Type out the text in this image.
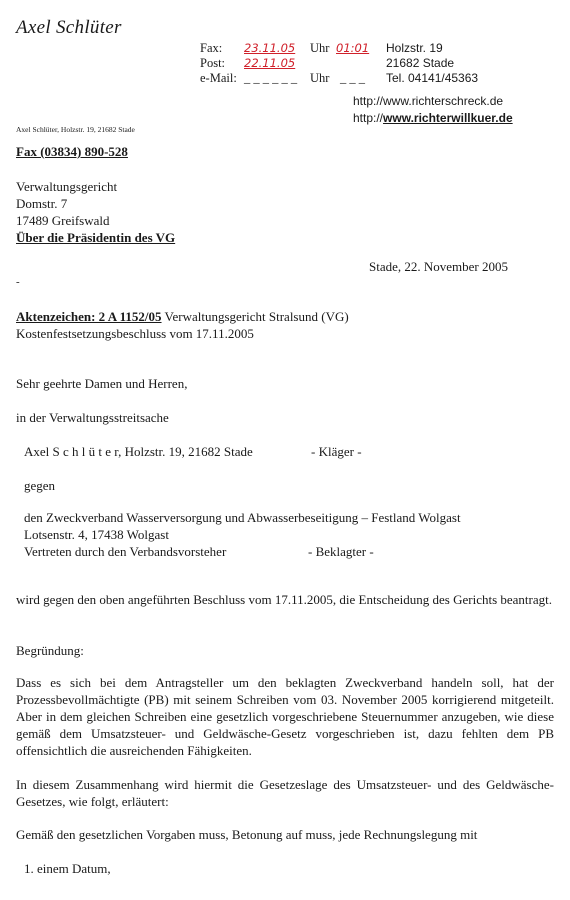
Axel Schlüter
Fax: 23.11.05 Uhr 01:01 Holzstr. 19
Post: 22.11.05	21682 Stade
e-Mail: _ _ _ _ _ _ Uhr _ _ _ Tel. 04141/45363
http://www.richterschreck.de
http://www.richterwillkuer.de
Axel Schlüter, Holzstr. 19, 21682 Stade
Fax (03834) 890-528
Verwaltungsgericht
Domstr. 7
17489 Greifswald
Über die Präsidentin des VG
Stade, 22. November 2005
-
Aktenzeichen: 2 A 1152/05 Verwaltungsgericht Stralsund (VG)
Kostenfestsetzungsbeschluss vom 17.11.2005
Sehr geehrte Damen und Herren,
in der Verwaltungsstreitsache
Axel S c h l ü t e r, Holzstr. 19, 21682 Stade	- Kläger -
gegen
den Zweckverband Wasserversorgung und Abwasserbeseitigung – Festland Wolgast
Lotsenstr. 4, 17438 Wolgast
Vertreten durch den Verbandsvorsteher	- Beklagter -
wird gegen den oben angeführten Beschluss vom 17.11.2005, die Entscheidung des Gerichts beantragt.
Begründung:
Dass es sich bei dem Antragsteller um den beklagten Zweckverband handeln soll, hat der Prozessbevollmächtigte (PB) mit seinem Schreiben vom 03. November 2005 korrigierend mitgeteilt. Aber in dem gleichen Schreiben eine gesetzlich vorgeschriebene Steuernummer anzugeben, wie diese gemäß dem Umsatzsteuer- und Geldwäsche-Gesetz vorgeschrieben ist, dazu fehlten dem PB offensichtlich die ausreichenden Fähigkeiten.
In diesem Zusammenhang wird hiermit die Gesetzeslage des Umsatzsteuer- und des Geldwäsche-Gesetzes, wie folgt, erläutert:
Gemäß den gesetzlichen Vorgaben muss, Betonung auf muss, jede Rechnungslegung mit
1. einem Datum,
